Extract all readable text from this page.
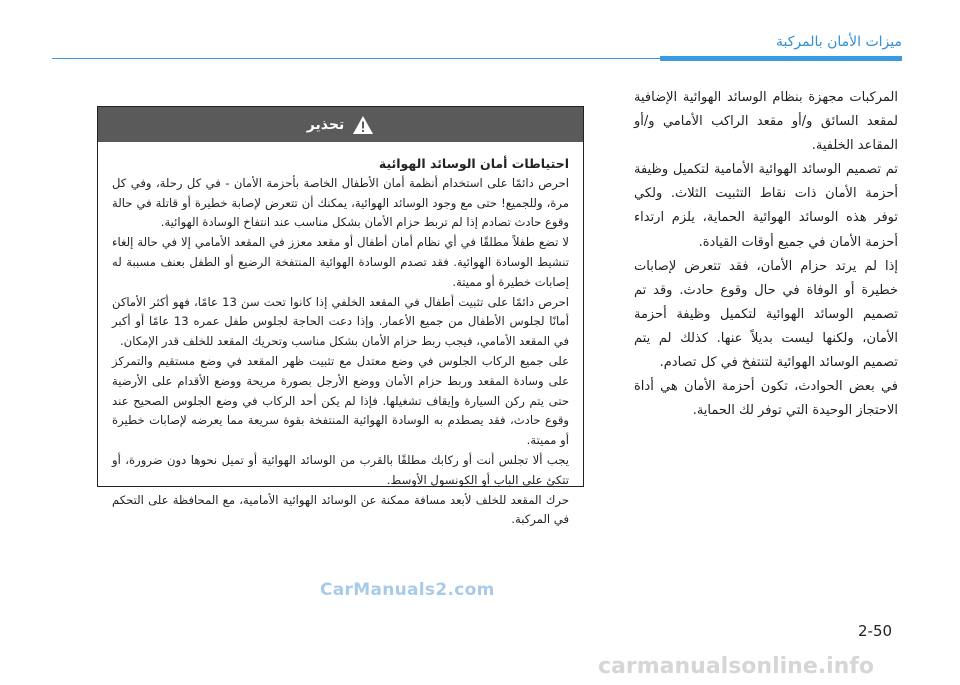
ميزات الأمان بالمركبة

المركبات مجهزة بنظام الوسائد الهوائية الإضافية لمقعد السائق و/أو مقعد الراكب الأمامي و/أو المقاعد الخلفية.

تم تصميم الوسائد الهوائية الأمامية لتكميل وظيفة أحزمة الأمان ذات نقاط التثبيت الثلاث. ولكي توفر هذه الوسائد الهوائية الحماية، يلزم ارتداء أحزمة الأمان في جميع أوقات القيادة.

إذا لم يرتد حزام الأمان، فقد تتعرض لإصابات خطيرة أو الوفاة في حال وقوع حادث. وقد تم تصميم الوسائد الهوائية لتكميل وظيفة أحزمة الأمان، ولكنها ليست بديلاً عنها. كذلك لم يتم تصميم الوسائد الهوائية لتنتفخ في كل تصادم.

في بعض الحوادث، تكون أحزمة الأمان هي أداة الاحتجاز الوحيدة التي توفر لك الحماية.

تحذير

احتياطات أمان الوسائد الهوائية

احرص دائمًا على استخدام أنظمة أمان الأطفال الخاصة بأحزمة الأمان - في كل رحلة، وفي كل مرة، وللجميع! حتى مع وجود الوسائد الهوائية، يمكنك أن تتعرض لإصابة خطيرة أو قاتلة في حالة وقوع حادث تصادم إذا لم تربط حزام الأمان بشكل مناسب عند انتفاخ الوسادة الهوائية.

لا تضع طفلاً مطلقًا في أي نظام أمان أطفال أو مقعد معزز في المقعد الأمامي إلا في حالة إلغاء تنشيط الوسادة الهوائية. فقد تصدم الوسادة الهوائية المنتفخة الرضيع أو الطفل بعنف مسببة له إصابات خطيرة أو مميتة.

احرص دائمًا على تثبيت أطفال في المقعد الخلفي إذا كانوا تحت سن 13 عامًا، فهو أكثر الأماكن أمانًا لجلوس الأطفال من جميع الأعمار. وإذا دعت الحاجة لجلوس طفل عمره 13 عامًا أو أكبر في المقعد الأمامي، فيجب ربط حزام الأمان بشكل مناسب وتحريك المقعد للخلف قدر الإمكان.

على جميع الركاب الجلوس في وضع معتدل مع تثبيت ظهر المقعد في وضع مستقيم والتمركز على وسادة المقعد وربط حزام الأمان ووضع الأرجل بصورة مريحة ووضع الأقدام على الأرضية حتى يتم ركن السيارة وإيقاف تشغيلها. فإذا لم يكن أحد الركاب في وضع الجلوس الصحيح عند وقوع حادث، فقد يصطدم به الوسادة الهوائية المنتفخة بقوة سريعة مما يعرضه لإصابات خطيرة أو مميتة.

يجب ألا تجلس أنت أو ركابك مطلقًا بالقرب من الوسائد الهوائية أو تميل نحوها دون ضرورة، أو تتكئ على الباب أو الكونسول الأوسط.

حرك المقعد للخلف لأبعد مسافة ممكنة عن الوسائد الهوائية الأمامية، مع المحافظة على التحكم في المركبة.

CarManuals2.com
2-50
carmanualsonline.info
